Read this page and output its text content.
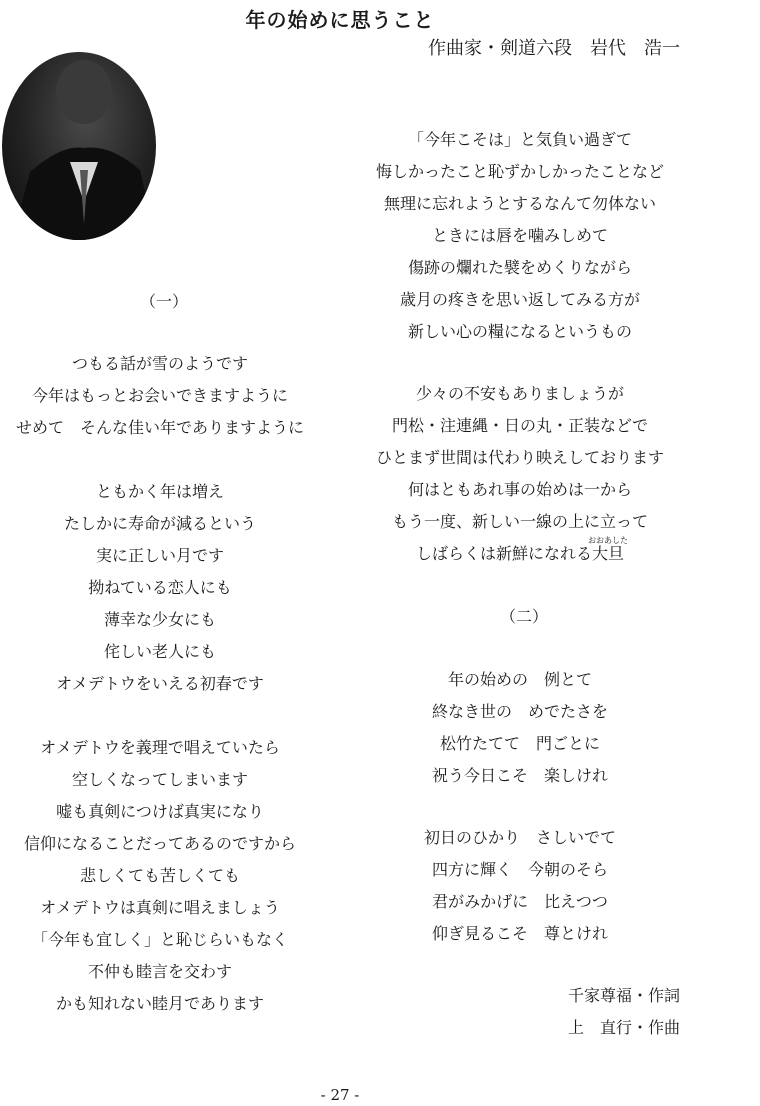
年の始めに思うこと
作曲家・剣道六段　岩代　浩一
（一）
つもる話が雪のようです
今年はもっとお会いできますように
せめて　そんな佳い年でありますように
ともかく年は増え
たしかに寿命が減るという
実に正しい月です
拗ねている恋人にも
薄幸な少女にも
侘しい老人にも
オメデトウをいえる初春です
オメデトウを義理で唱えていたら
空しくなってしまいます
嘘も真剣につけば真実になり
信仰になることだってあるのですから
悲しくても苦しくても
オメデトウは真剣に唱えましょう
「今年も宜しく」と恥じらいもなく
不仲も睦言を交わす
かも知れない睦月であります
「今年こそは」と気負い過ぎて
悔しかったこと恥ずかしかったことなど
無理に忘れようとするなんて勿体ない
ときには唇を噛みしめて
傷跡の爛れた襞をめくりながら
歳月の疼きを思い返してみる方が
新しい心の糧になるというもの
少々の不安もありましょうが
門松・注連縄・日の丸・正装などで
ひとまず世間は代わり映えしております
何はともあれ事の始めは一から
もう一度、新しい一線の上に立って
しばらくは新鮮になれる
おおあした
大旦
（二）
年の始めの　例とて
終なき世の　めでたさを
松竹たてて　門ごとに
祝う今日こそ　楽しけれ
初日のひかり　さしいでて
四方に輝く　今朝のそら
君がみかげに　比えつつ
仰ぎ見るこそ　尊とけれ
千家尊福・作詞
上　直行・作曲
- 27 -
